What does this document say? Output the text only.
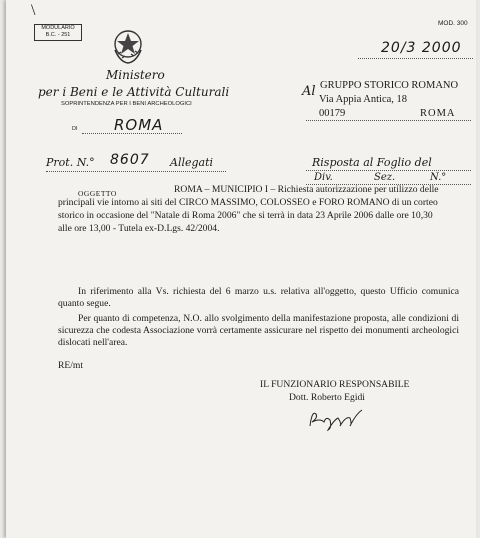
\
MODULARIO
B.C. - 251
Ministero
per i Beni e le Attività Culturali
SOPRINTENDENZA PER I BENI ARCHEOLOGICI
DI ROMA
MOD. 300
20/3 2000
Al GRUPPO STORICO ROMANO
Via Appia Antica, 18
00179	ROMA
Prot. N.° 8607 Allegati	Risposta al Foglio del
Div.	Sez.	N.°
OGGETTO	ROMA – MUNICIPIO I – Richiesta autorizzazione per utilizzo delle
principali vie intorno ai siti del CIRCO MASSIMO, COLOSSEO e FORO ROMANO di un corteo
storico in occasione del "Natale di Roma 2006" che si terrà in data 23 Aprile 2006 dalle ore 10,30
alle ore 13,00 - Tutela ex-D.Lgs. 42/2004.
In riferimento alla Vs. richiesta del 6 marzo u.s. relativa all'oggetto, questo Ufficio comunica quanto segue.
Per quanto di competenza, N.O. allo svolgimento della manifestazione proposta, alle condizioni di sicurezza che codesta Associazione vorrà certamente assicurare nel rispetto dei monumenti archeologici dislocati nell'area.
RE/mt
IL FUNZIONARIO RESPONSABILE
Dott. Roberto Egidi
